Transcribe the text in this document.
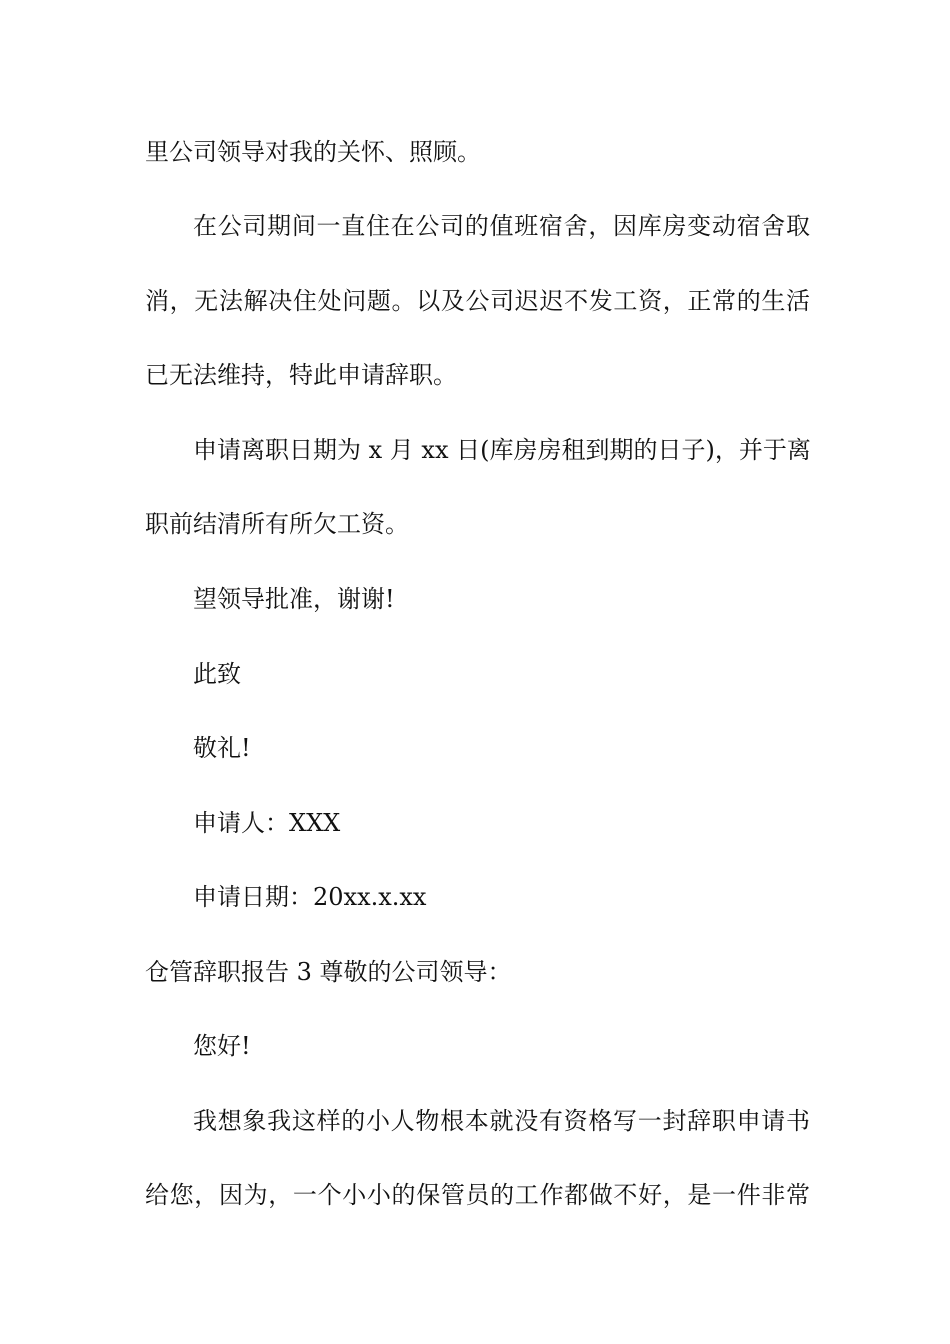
里公司领导对我的关怀、照顾。
在公司期间一直住在公司的值班宿舍，因库房变动宿舍取
消，无法解决住处问题。以及公司迟迟不发工资，正常的生活
已无法维持，特此申请辞职。
申请离职日期为 x 月 xx 日(库房房租到期的日子)，并于离
职前结清所有所欠工资。
望领导批准，谢谢!
此致
敬礼!
申请人：XXX
申请日期：20xx.x.xx
仓管辞职报告 3 尊敬的公司领导：
您好!
我想象我这样的小人物根本就没有资格写一封辞职申请书
给您，因为，一个小小的保管员的工作都做不好，是一件非常
